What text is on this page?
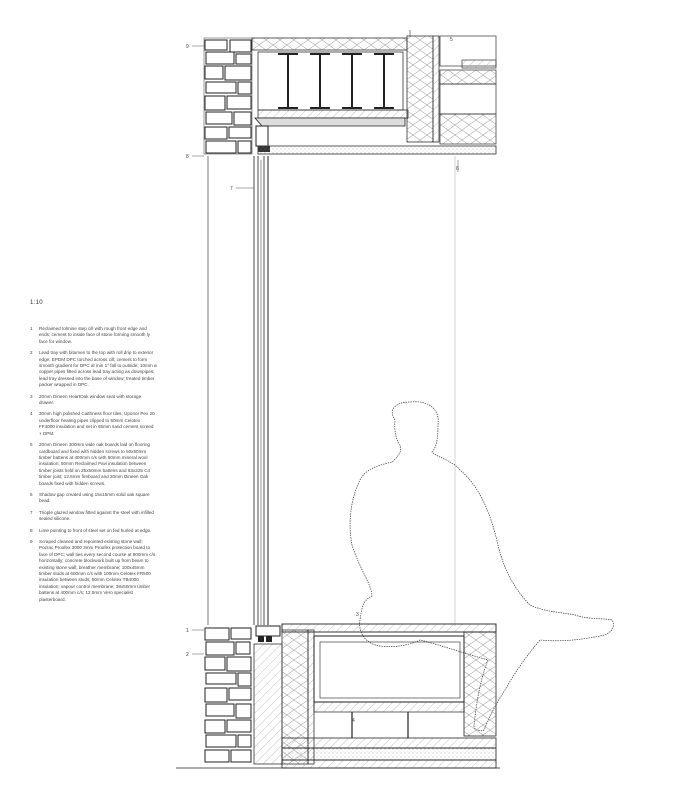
9
8
7
6
5
3
1
2
4
1:10
1	Reclaimed tolmine step cill with rough front edge and ends; cement to inside face of stone forming smooth ly face for window.
2	Lead tray with bitumen to the top with roll drip to exterior edge; EPDM DPC torched across cill; cement to form smooth gradient for DPC at min 1° fall to outside; 10mm ø copper pipes fitted across lead tray acting as downpipes; lead tray dressed into the base of window; treated timber packer wrapped in DPC.
3	20mm Dineen HeartOak window seat with storage drawer.
4	30mm high polished Caithness floor tiles; Uponor Pex 20 underfloor heating pipes clipped to 50mm Celotex FF4000 insulation and set in 65mm sand cement screed + DPM.
5	20mm Dineen 300mm wide oak boards laid on flooring cardboard and fixed with hidden screws to 50x50mm timber battens at 400mm c/s with 50mm mineral wool insulation; 50mm Reclaimed Pavi insulation between timber joists held on 25x50mm battens and 63x225 C4 timber joist; 12.5mm fireboard and 20mm Dineen Oak boards fixed with hidden screws.
6	Shadow gap created using 15x15mm solid oak square bead.
7	Triople glazed window fitted against the steel with infilled sealed silicone.
8	Lime pointing to front of steel set on fed hurled at edge.
9	Scraped cleaned and repointed existing stone wall; Pozrac Proofex 3000 3mm Proofex protection board to face of DPC; wall ties every second course at 900mm c/s horizontally; concrete blockwork built up from beam to existing stone wall; breather membrane; 100x45mm timber studs at 600mm c/s with 100mm Celotex FR500 insulation between studs; 50mm Celotex TB4000 insulation; vapour control membrane; 38x50mm timber battens at 400mm c/s; 12.5mm Vero specialist plasterboard.
